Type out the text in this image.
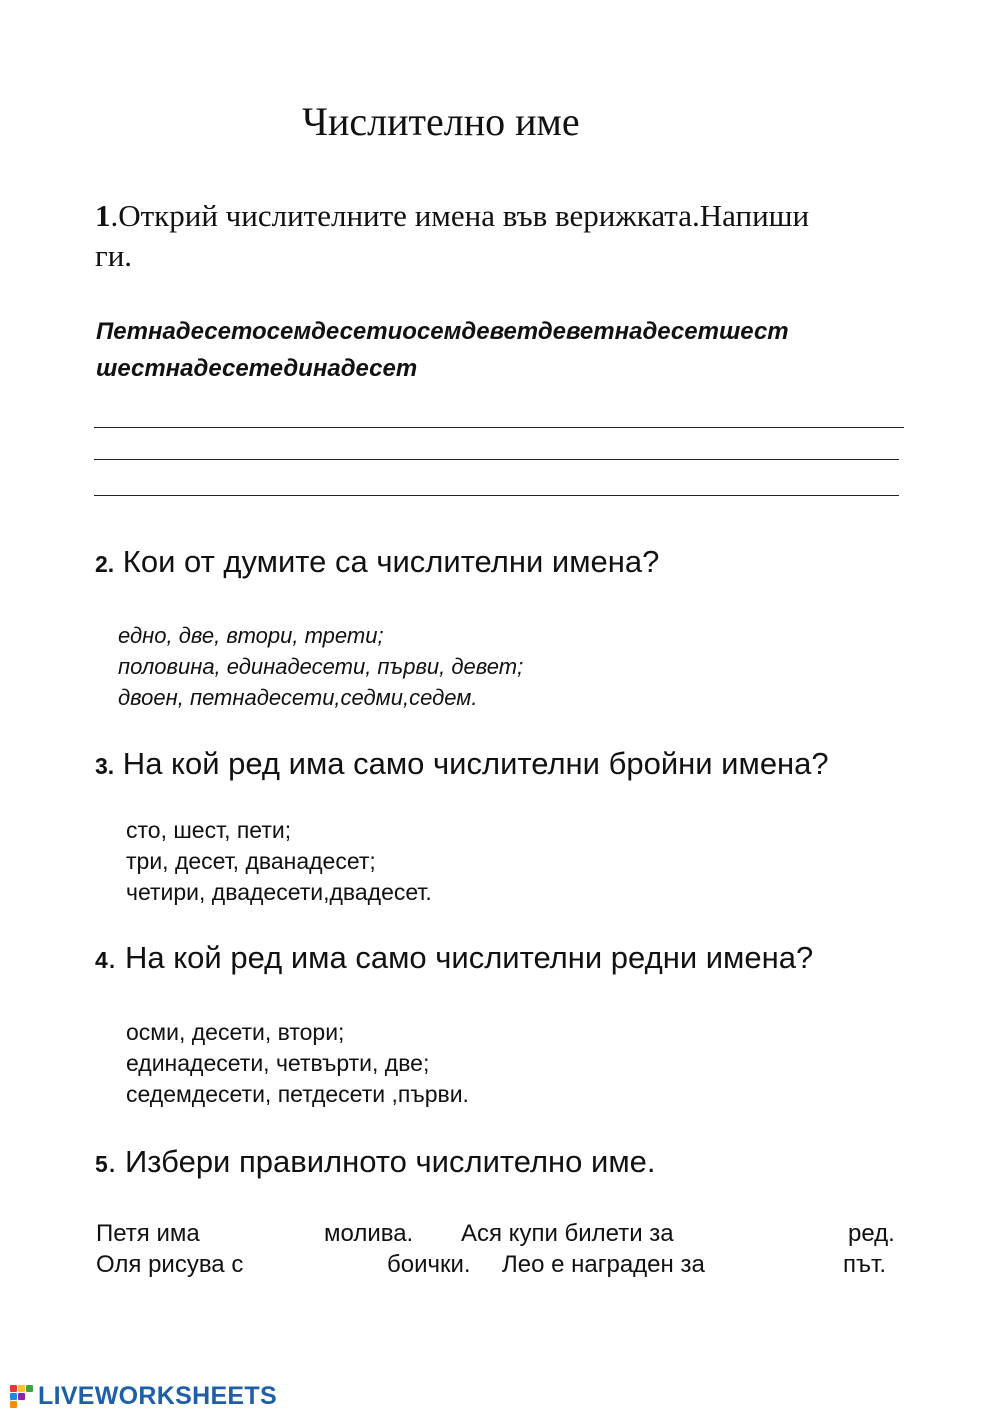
Числително име
1.Открий числителните имена във верижката.Напиши
ги.
Петнадесетосемдесетиосемдеветдеветнадесетшест
шестнадесетединадесет
2. Кои от думите са числителни имена?
едно, две, втори, трети;
половина, единадесети, първи, девет;
двоен, петнадесети,седми,седем.
3. На кой ред има само числителни бройни имена?
сто, шест, пети;
три, десет, дванадесет;
четири, двадесети,двадесет.
4. На кой ред има само числителни редни имена?
осми, десети, втори;
единадесети, четвърти, две;
седемдесети, петдесети ,първи.
5. Избери правилното числително име.
Петя има	молива. Ася купи билети за	ред.
Оля рисува с	боички. Лео е награден за	път.
LIVEWORKSHEETS
